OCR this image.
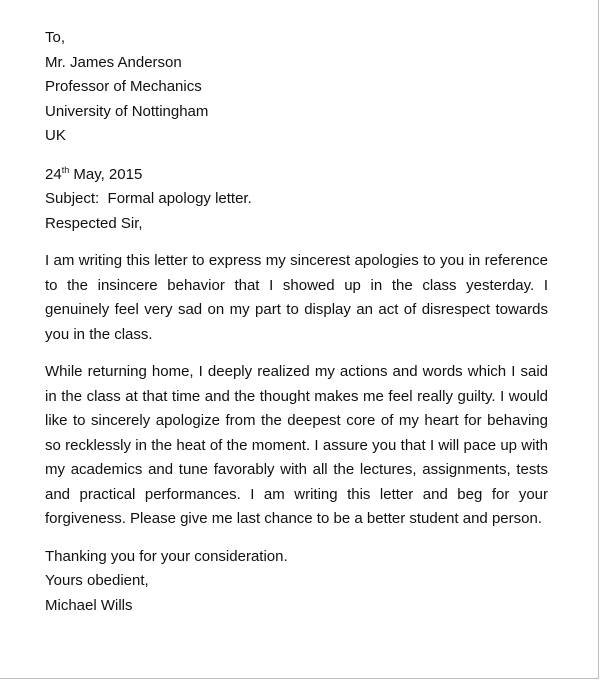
To,

Mr. James Anderson

Professor of Mechanics

University of Nottingham

UK

24th May, 2015

Subject:  Formal apology letter.

Respected Sir,

I am writing this letter to express my sincerest apologies to you in reference to the insincere behavior that I showed up in the class yesterday. I genuinely feel very sad on my part to display an act of disrespect towards you in the class.

While returning home, I deeply realized my actions and words which I said in the class at that time and the thought makes me feel really guilty. I would like to sincerely apologize from the deepest core of my heart for behaving so recklessly in the heat of the moment. I assure you that I will pace up with my academics and tune favorably with all the lectures, assignments, tests and practical performances. I am writing this letter and beg for your forgiveness. Please give me last chance to be a better student and person.

Thanking you for your consideration.

Yours obedient,

Michael Wills
